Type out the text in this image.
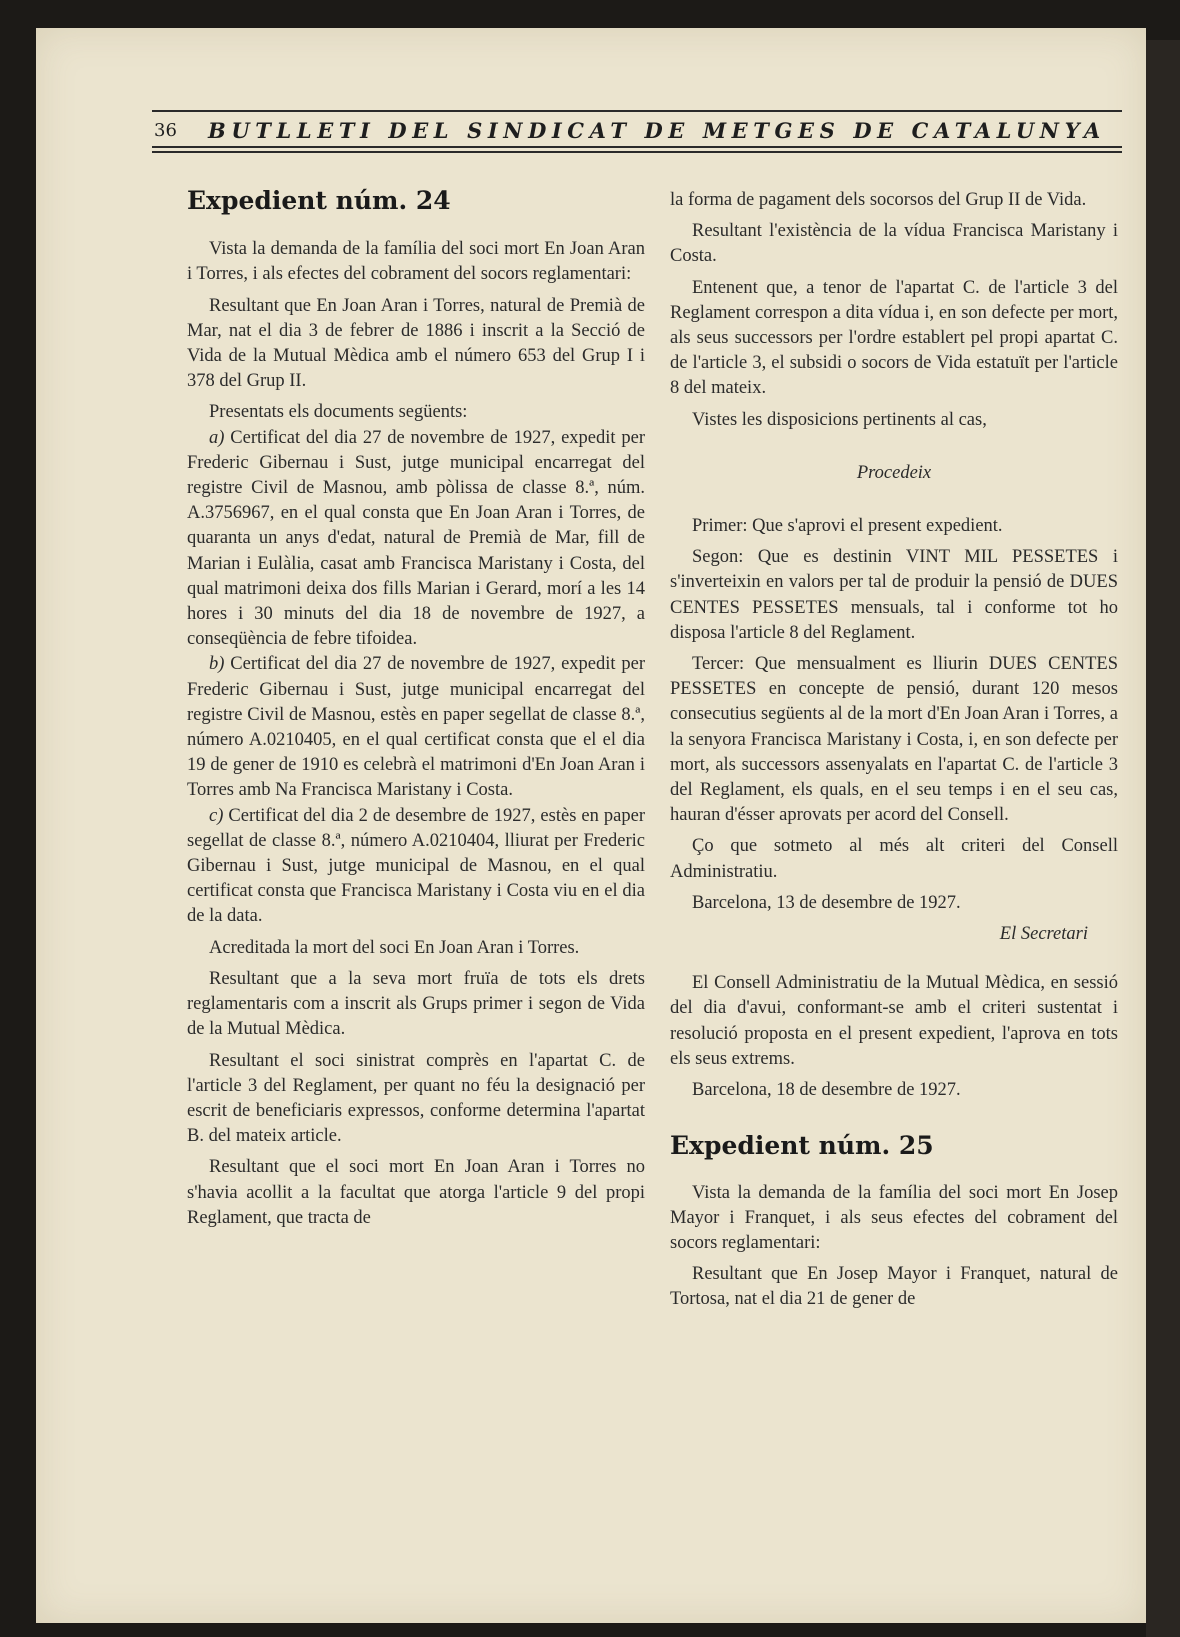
36 BUTLLETI DEL SINDICAT DE METGES DE CATALUNYA
Expedient núm. 24

Vista la demanda de la família del soci mort En Joan Aran i Torres, i als efectes del cobrament del socors reglamentari:

Resultant que En Joan Aran i Torres, natural de Premià de Mar, nat el dia 3 de febrer de 1886 i inscrit a la Secció de Vida de la Mutual Mèdica amb el número 653 del Grup I i 378 del Grup II.

Presentats els documents següents:

a) Certificat del dia 27 de novembre de 1927, expedit per Frederic Gibernau i Sust, jutge municipal encarregat del registre Civil de Masnou, amb pòlissa de classe 8.ª, núm. A.3756967, en el qual consta que En Joan Aran i Torres, de quaranta un anys d'edat, natural de Premià de Mar, fill de Marian i Eulàlia, casat amb Francisca Maristany i Costa, del qual matrimoni deixa dos fills Marian i Gerard, morí a les 14 hores i 30 minuts del dia 18 de novembre de 1927, a conseqüència de febre tifoidea.

b) Certificat del dia 27 de novembre de 1927, expedit per Frederic Gibernau i Sust, jutge municipal encarregat del registre Civil de Masnou, estès en paper segellat de classe 8.ª, número A.0210405, en el qual certificat consta que el el dia 19 de gener de 1910 es celebrà el matrimoni d'En Joan Aran i Torres amb Na Francisca Maristany i Costa.

c) Certificat del dia 2 de desembre de 1927, estès en paper segellat de classe 8.ª, número A.0210404, lliurat per Frederic Gibernau i Sust, jutge municipal de Masnou, en el qual certificat consta que Francisca Maristany i Costa viu en el dia de la data.

Acreditada la mort del soci En Joan Aran i Torres.

Resultant que a la seva mort fruïa de tots els drets reglamentaris com a inscrit als Grups primer i segon de Vida de la Mutual Mèdica.

Resultant el soci sinistrat comprès en l'apartat C. de l'article 3 del Reglament, per quant no féu la designació per escrit de beneficiaris expressos, conforme determina l'apartat B. del mateix article.

Resultant que el soci mort En Joan Aran i Torres no s'havia acollit a la facultat que atorga l'article 9 del propi Reglament, que tracta de

la forma de pagament dels socorsos del Grup II de Vida.

Resultant l'existència de la vídua Francisca Maristany i Costa.

Entenent que, a tenor de l'apartat C. de l'article 3 del Reglament correspon a dita vídua i, en son defecte per mort, als seus successors per l'ordre establert pel propi apartat C. de l'article 3, el subsidi o socors de Vida estatuït per l'article 8 del mateix.

Vistes les disposicions pertinents al cas,

Procedeix

Primer: Que s'aprovi el present expedient.

Segon: Que es destinin VINT MIL PESSETES i s'inverteixin en valors per tal de produir la pensió de DUES CENTES PESSETES mensuals, tal i conforme tot ho disposa l'article 8 del Reglament.

Tercer: Que mensualment es lliurin DUES CENTES PESSETES en concepte de pensió, durant 120 mesos consecutius següents al de la mort d'En Joan Aran i Torres, a la senyora Francisca Maristany i Costa, i, en son defecte per mort, als successors assenyalats en l'apartat C. de l'article 3 del Reglament, els quals, en el seu temps i en el seu cas, hauran d'ésser aprovats per acord del Consell.

Ço que sotmeto al més alt criteri del Consell Administratiu.

Barcelona, 13 de desembre de 1927.

El Secretari

El Consell Administratiu de la Mutual Mèdica, en sessió del dia d'avui, conformant-se amb el criteri sustentat i resolució proposta en el present expedient, l'aprova en tots els seus extrems.

Barcelona, 18 de desembre de 1927.

Expedient núm. 25

Vista la demanda de la família del soci mort En Josep Mayor i Franquet, i als seus efectes del cobrament del socors reglamentari:

Resultant que En Josep Mayor i Franquet, natural de Tortosa, nat el dia 21 de gener de
